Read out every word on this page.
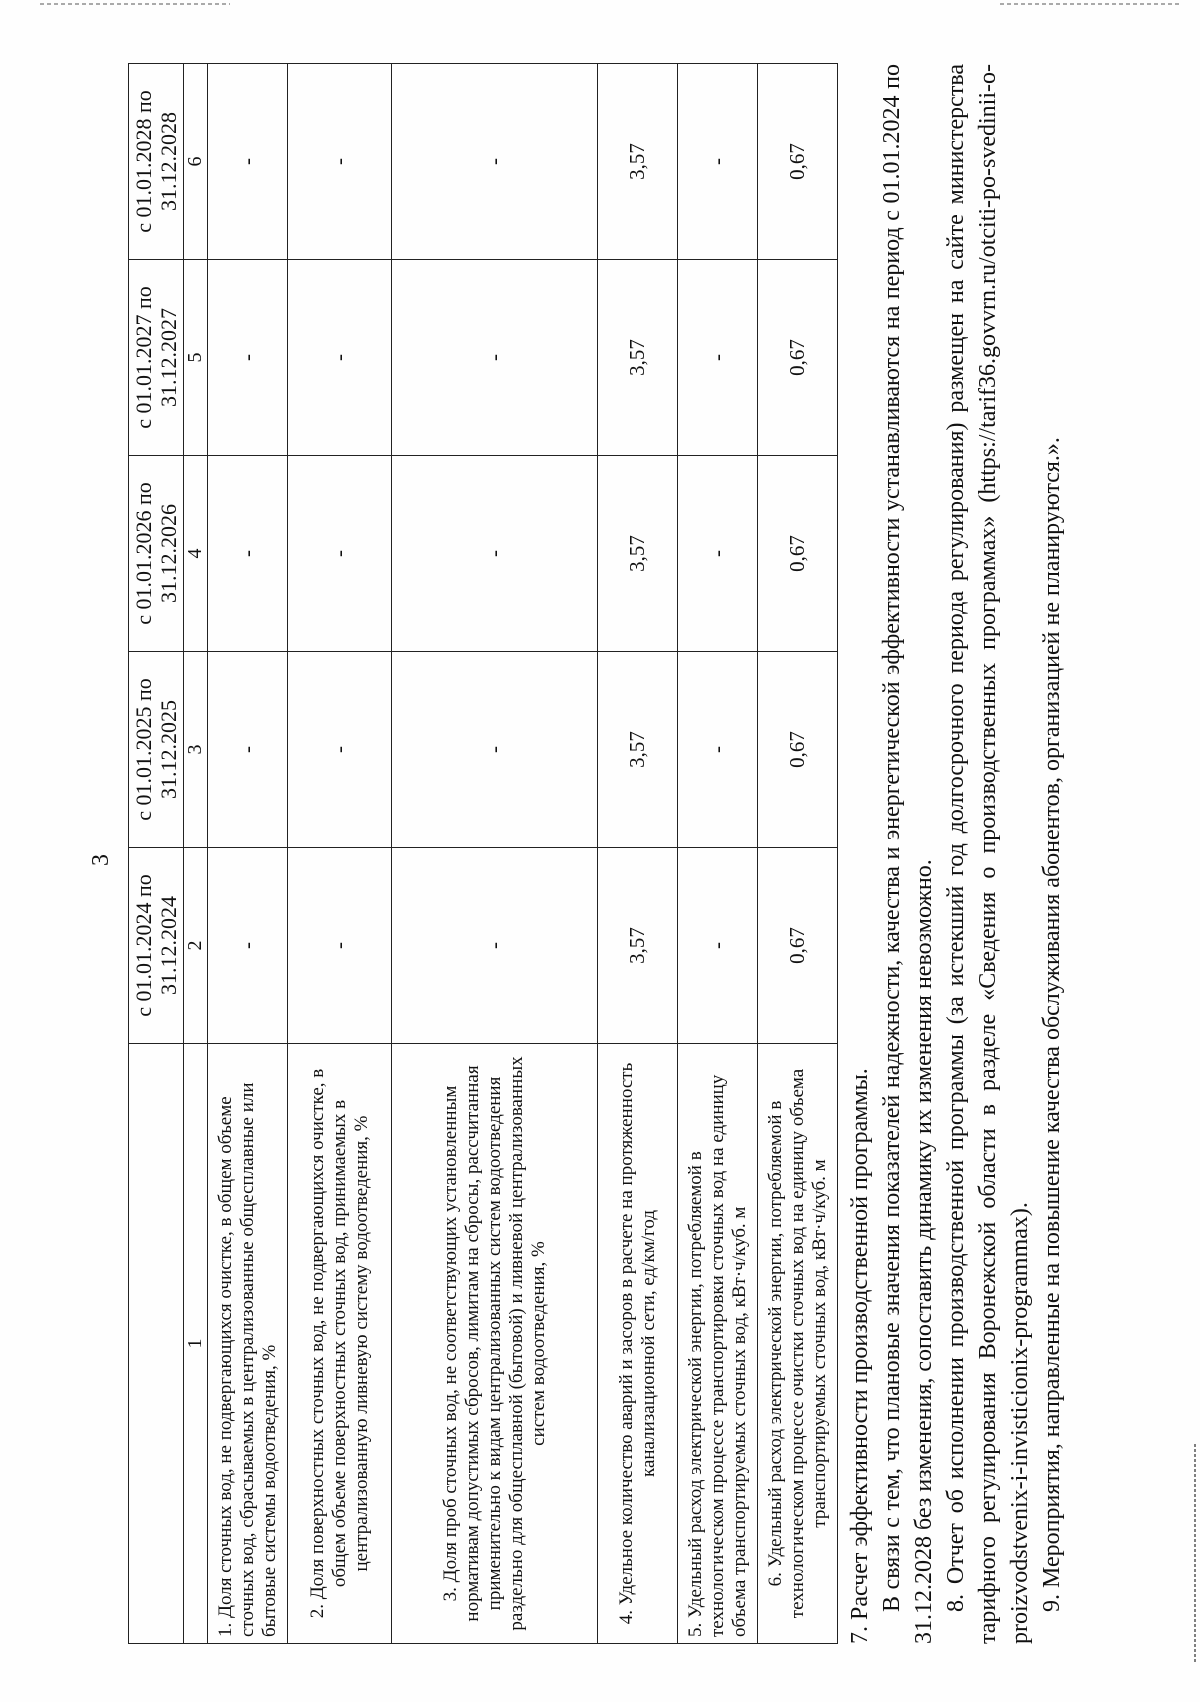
3
	с 01.01.2024 по 31.12.2024	с 01.01.2025 по 31.12.2025	с 01.01.2026 по 31.12.2026	с 01.01.2027 по 31.12.2027	с 01.01.2028 по 31.12.2028
1	2	3	4	5	6
1. Доля сточных вод, не подвергающихся очистке, в общем объеме сточных вод, сбрасываемых в централизованные общесплавные или бытовые системы водоотведения, %	-	-	-	-	-
2. Доля поверхностных сточных вод, не подвергающихся очистке, в общем объеме поверхностных сточных вод, принимаемых в централизованную ливневую систему водоотведения, %	-	-	-	-	-
3. Доля проб сточных вод, не соответствующих установленным нормативам допустимых сбросов, лимитам на сбросы, рассчитанная применительно к видам централизованных систем водоотведения раздельно для общесплавной (бытовой) и ливневой централизованных систем водоотведения, %	-	-	-	-	-
4. Удельное количество аварий и засоров в расчете на протяженность канализационной сети, ед/км/год	3,57	3,57	3,57	3,57	3,57
5. Удельный расход электрической энергии, потребляемой в технологическом процессе транспортировки сточных вод на единицу объема транспортируемых сточных вод, кВт·ч/куб. м	-	-	-	-	-
6. Удельный расход электрической энергии, потребляемой в технологическом процессе очистки сточных вод на единицу объема транспортируемых сточных вод, кВт·ч/куб. м	0,67	0,67	0,67	0,67	0,67

7. Расчет эффективности производственной программы. В связи с тем, что плановые значения показателей надежности, качества и энергетической эффективности устанавливаются на период с 01.01.2024 по 31.12.2028 без изменения, сопоставить динамику их изменения невозможно. 8. Отчет об исполнении производственной программы (за истекший год долгосрочного периода регулирования) размещен на сайте министерства тарифного регулирования Воронежской области в разделе «Сведения о производственных программах» (https://tarif36.govvrn.ru/otciti-po-svedinii-o-proizvodstvenix-i-invisticionix-programmax). 9. Мероприятия, направленные на повышение качества обслуживания абонентов, организацией не планируются.».
